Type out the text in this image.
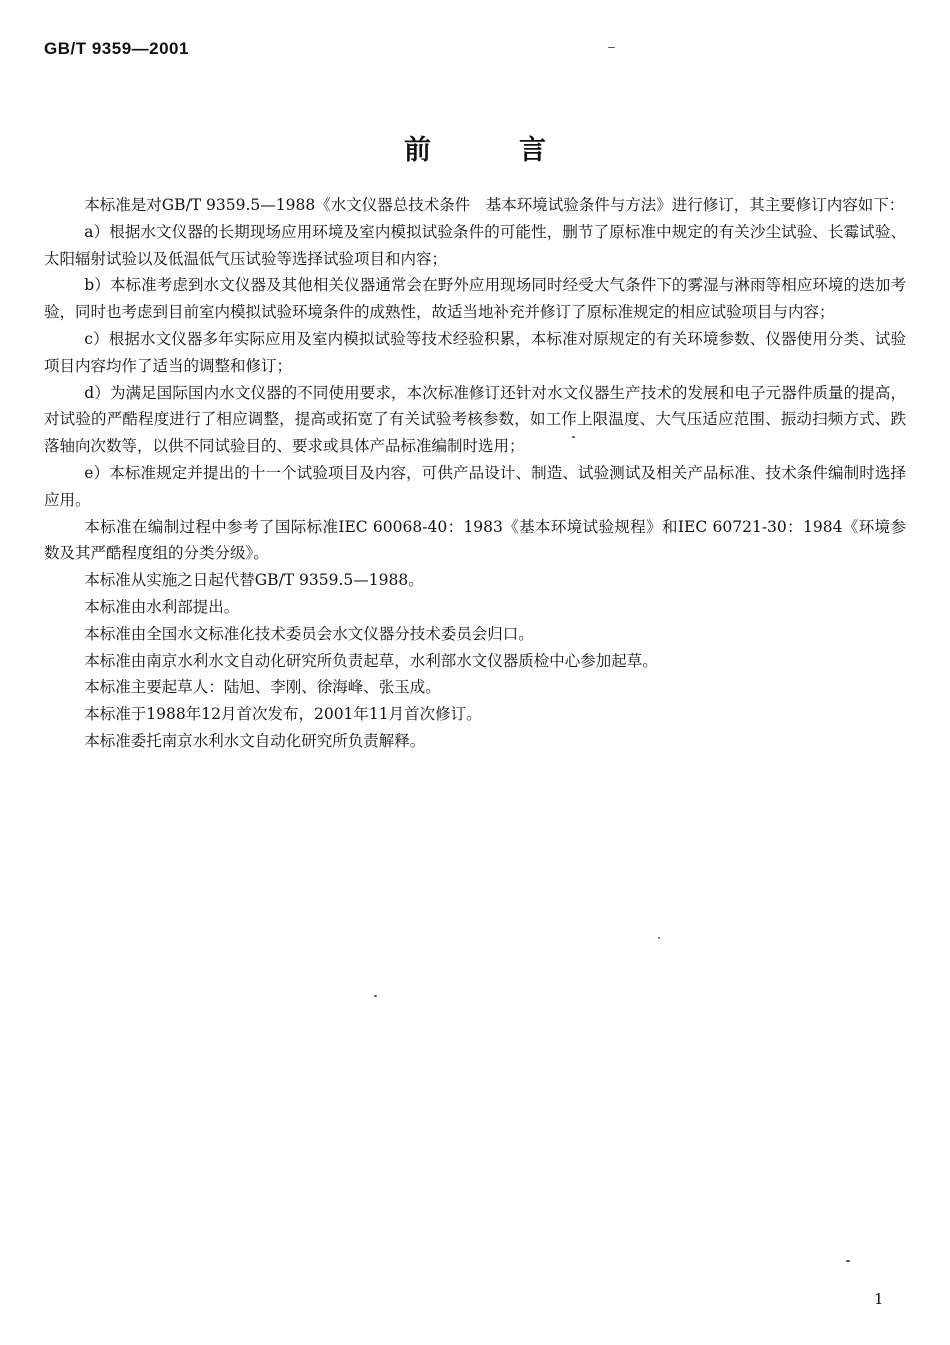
GB/T 9359—2001
前言

本标准是对GB/T 9359.5—1988《水文仪器总技术条件　基本环境试验条件与方法》进行修订，其主要修订内容如下：

a）根据水文仪器的长期现场应用环境及室内模拟试验条件的可能性，删节了原标准中规定的有关沙尘试验、长霉试验、太阳辐射试验以及低温低气压试验等选择试验项目和内容；

b）本标准考虑到水文仪器及其他相关仪器通常会在野外应用现场同时经受大气条件下的雾湿与淋雨等相应环境的迭加考验，同时也考虑到目前室内模拟试验环境条件的成熟性，故适当地补充并修订了原标准规定的相应试验项目与内容；

c）根据水文仪器多年实际应用及室内模拟试验等技术经验积累，本标准对原规定的有关环境参数、仪器使用分类、试验项目内容均作了适当的调整和修订；

d）为满足国际国内水文仪器的不同使用要求，本次标准修订还针对水文仪器生产技术的发展和电子元器件质量的提高，对试验的严酷程度进行了相应调整，提高或拓宽了有关试验考核参数，如工作上限温度、大气压适应范围、振动扫频方式、跌落轴向次数等，以供不同试验目的、要求或具体产品标准编制时选用；

e）本标准规定并提出的十一个试验项目及内容，可供产品设计、制造、试验测试及相关产品标准、技术条件编制时选择应用。

本标准在编制过程中参考了国际标准IEC 60068-40：1983《基本环境试验规程》和IEC 60721-30：1984《环境参数及其严酷程度组的分类分级》。

本标准从实施之日起代替GB/T 9359.5—1988。

本标准由水利部提出。

本标准由全国水文标准化技术委员会水文仪器分技术委员会归口。

本标准由南京水利水文自动化研究所负责起草，水利部水文仪器质检中心参加起草。

本标准主要起草人：陆旭、李刚、徐海峰、张玉成。

本标准于1988年12月首次发布，2001年11月首次修订。

本标准委托南京水利水文自动化研究所负责解释。

1
